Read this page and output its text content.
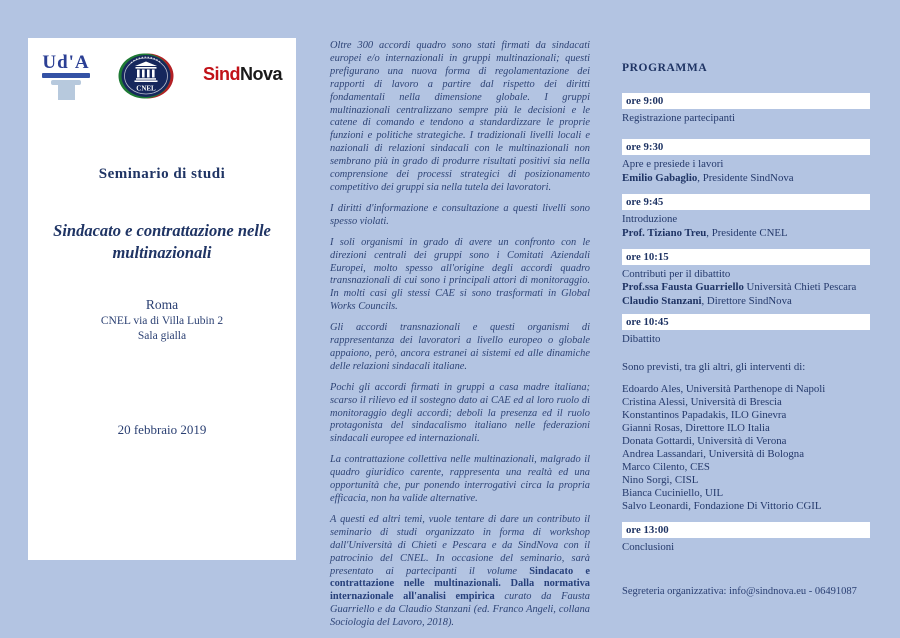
Ud'A
CNEL
SindNova
Seminario di studi
Sindacato e contrattazione nelle multinazionali
Roma
CNEL via di Villa Lubin 2
Sala gialla
20 febbraio 2019

Oltre 300 accordi quadro sono stati firmati da sindacati europei e/o internazionali in gruppi multinazionali; questi prefigurano una nuova forma di regolamentazione dei rapporti di lavoro a partire dal rispetto dei diritti fondamentali nella dimensione globale. I gruppi multinazionali centralizzano sempre più le decisioni e le catene di comando e tendono a standardizzare le proprie funzioni e politiche strategiche. I tradizionali livelli locali e nazionali di relazioni sindacali con le multinazionali non sembrano più in grado di produrre risultati positivi sia nella comprensione dei processi strategici di posizionamento competitivo dei gruppi sia nella tutela dei lavoratori.

I diritti d'informazione e consultazione a questi livelli sono spesso violati.

I soli organismi in grado di avere un confronto con le direzioni centrali dei gruppi sono i Comitati Aziendali Europei, molto spesso all'origine degli accordi quadro transnazionali di cui sono i principali attori di monitoraggio. In molti casi gli stessi CAE si sono trasformati in Global Works Councils.

Gli accordi transnazionali e questi organismi di rappresentanza dei lavoratori a livello europeo o globale appaiono, però, ancora estranei ai sistemi ed alle dinamiche delle relazioni sindacali italiane.

Pochi gli accordi firmati in gruppi a casa madre italiana; scarso il rilievo ed il sostegno dato ai CAE ed al loro ruolo di monitoraggio degli accordi; deboli la presenza ed il ruolo protagonista del sindacalismo italiano nelle federazioni sindacali europee ed internazionali.

La contrattazione collettiva nelle multinazionali, malgrado il quadro giuridico carente, rappresenta una realtà ed una opportunità che, pur ponendo interrogativi circa la propria efficacia, non ha valide alternative.

A questi ed altri temi, vuole tentare di dare un contributo il seminario di studi organizzato in forma di workshop dall'Università di Chieti e Pescara e da SindNova con il patrocinio del CNEL. In occasione del seminario, sarà presentato ai partecipanti il volume Sindacato e contrattazione nelle multinazionali. Dalla normativa internazionale all'analisi empirica curato da Fausta Guarriello e da Claudio Stanzani (ed. Franco Angeli, collana Sociologia del Lavoro, 2018).

PROGRAMMA
ore 9:00
Registrazione partecipanti
ore 9:30
Apre e presiede i lavori
Emilio Gabaglio, Presidente SindNova
ore 9:45
Introduzione
Prof. Tiziano Treu, Presidente CNEL
ore 10:15
Contributi per il dibattito
Prof.ssa Fausta Guarriello Università Chieti Pescara
Claudio Stanzani, Direttore SindNova
ore 10:45
Dibattito
Sono previsti, tra gli altri, gli interventi di:
Edoardo Ales, Università Parthenope di Napoli
Cristina Alessi, Università di Brescia
Konstantinos Papadakis, ILO Ginevra
Gianni Rosas, Direttore ILO Italia
Donata Gottardi, Università di Verona
Andrea Lassandari, Università di Bologna
Marco Cilento, CES
Nino Sorgi, CISL
Bianca Cuciniello, UIL
Salvo Leonardi, Fondazione Di Vittorio CGIL
ore 13:00
Conclusioni
Segreteria organizzativa: info@sindnova.eu - 06491087
